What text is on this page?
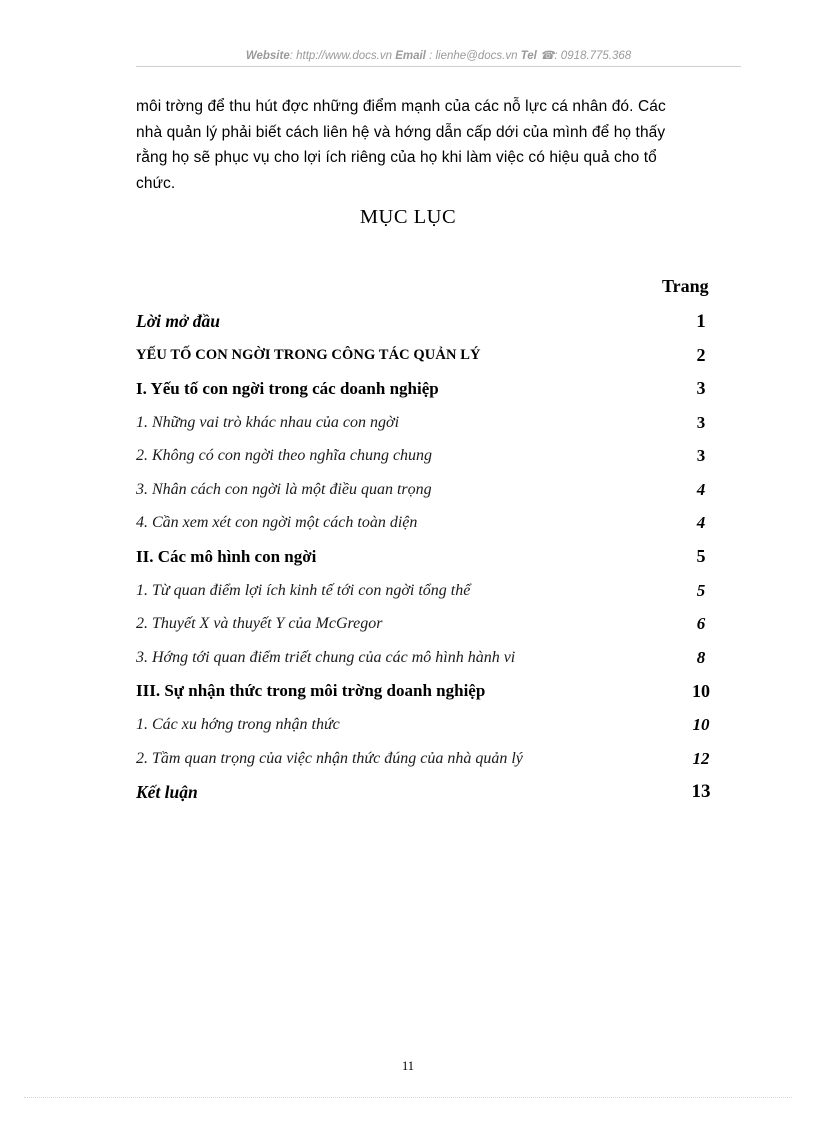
Website: http://www.docs.vn Email : lienhe@docs.vn Tel ☎: 0918.775.368
môi trờng để thu hút đợc những điểm mạnh của các nỗ lực cá nhân đó. Các
nhà quản lý phải biết cách liên hệ và hớng dẫn cấp dới của mình để họ thấy
rằng họ sẽ phục vụ cho lợi ích riêng của họ khi làm việc có hiệu quả cho tổ
chức.
MỤC LỤC
Trang
Lời mở đầu	1
YẾU TỐ CON NGỜI TRONG CÔNG TÁC QUẢN LÝ	2
I. Yếu tố con ngời trong các doanh nghiệp	3
1. Những vai trò khác nhau của con ngời	3
2. Không có con ngời theo nghĩa chung chung	3
3. Nhân cách con ngời là một điều quan trọng	4
4. Cần xem xét con ngời một cách toàn diện	4
II. Các mô hình con ngời	5
1. Từ quan điểm lợi ích kinh tế tới con ngời tổng thể	5
2. Thuyết X và thuyết Y của McGregor	6
3. Hớng tới quan điểm triết chung của các mô hình hành vi	8
III. Sự nhận thức trong môi trờng doanh nghiệp	10
1. Các xu hớng trong nhận thức	10
2. Tầm quan trọng của việc nhận thức đúng của nhà quản lý	12
Kết luận	13
11
